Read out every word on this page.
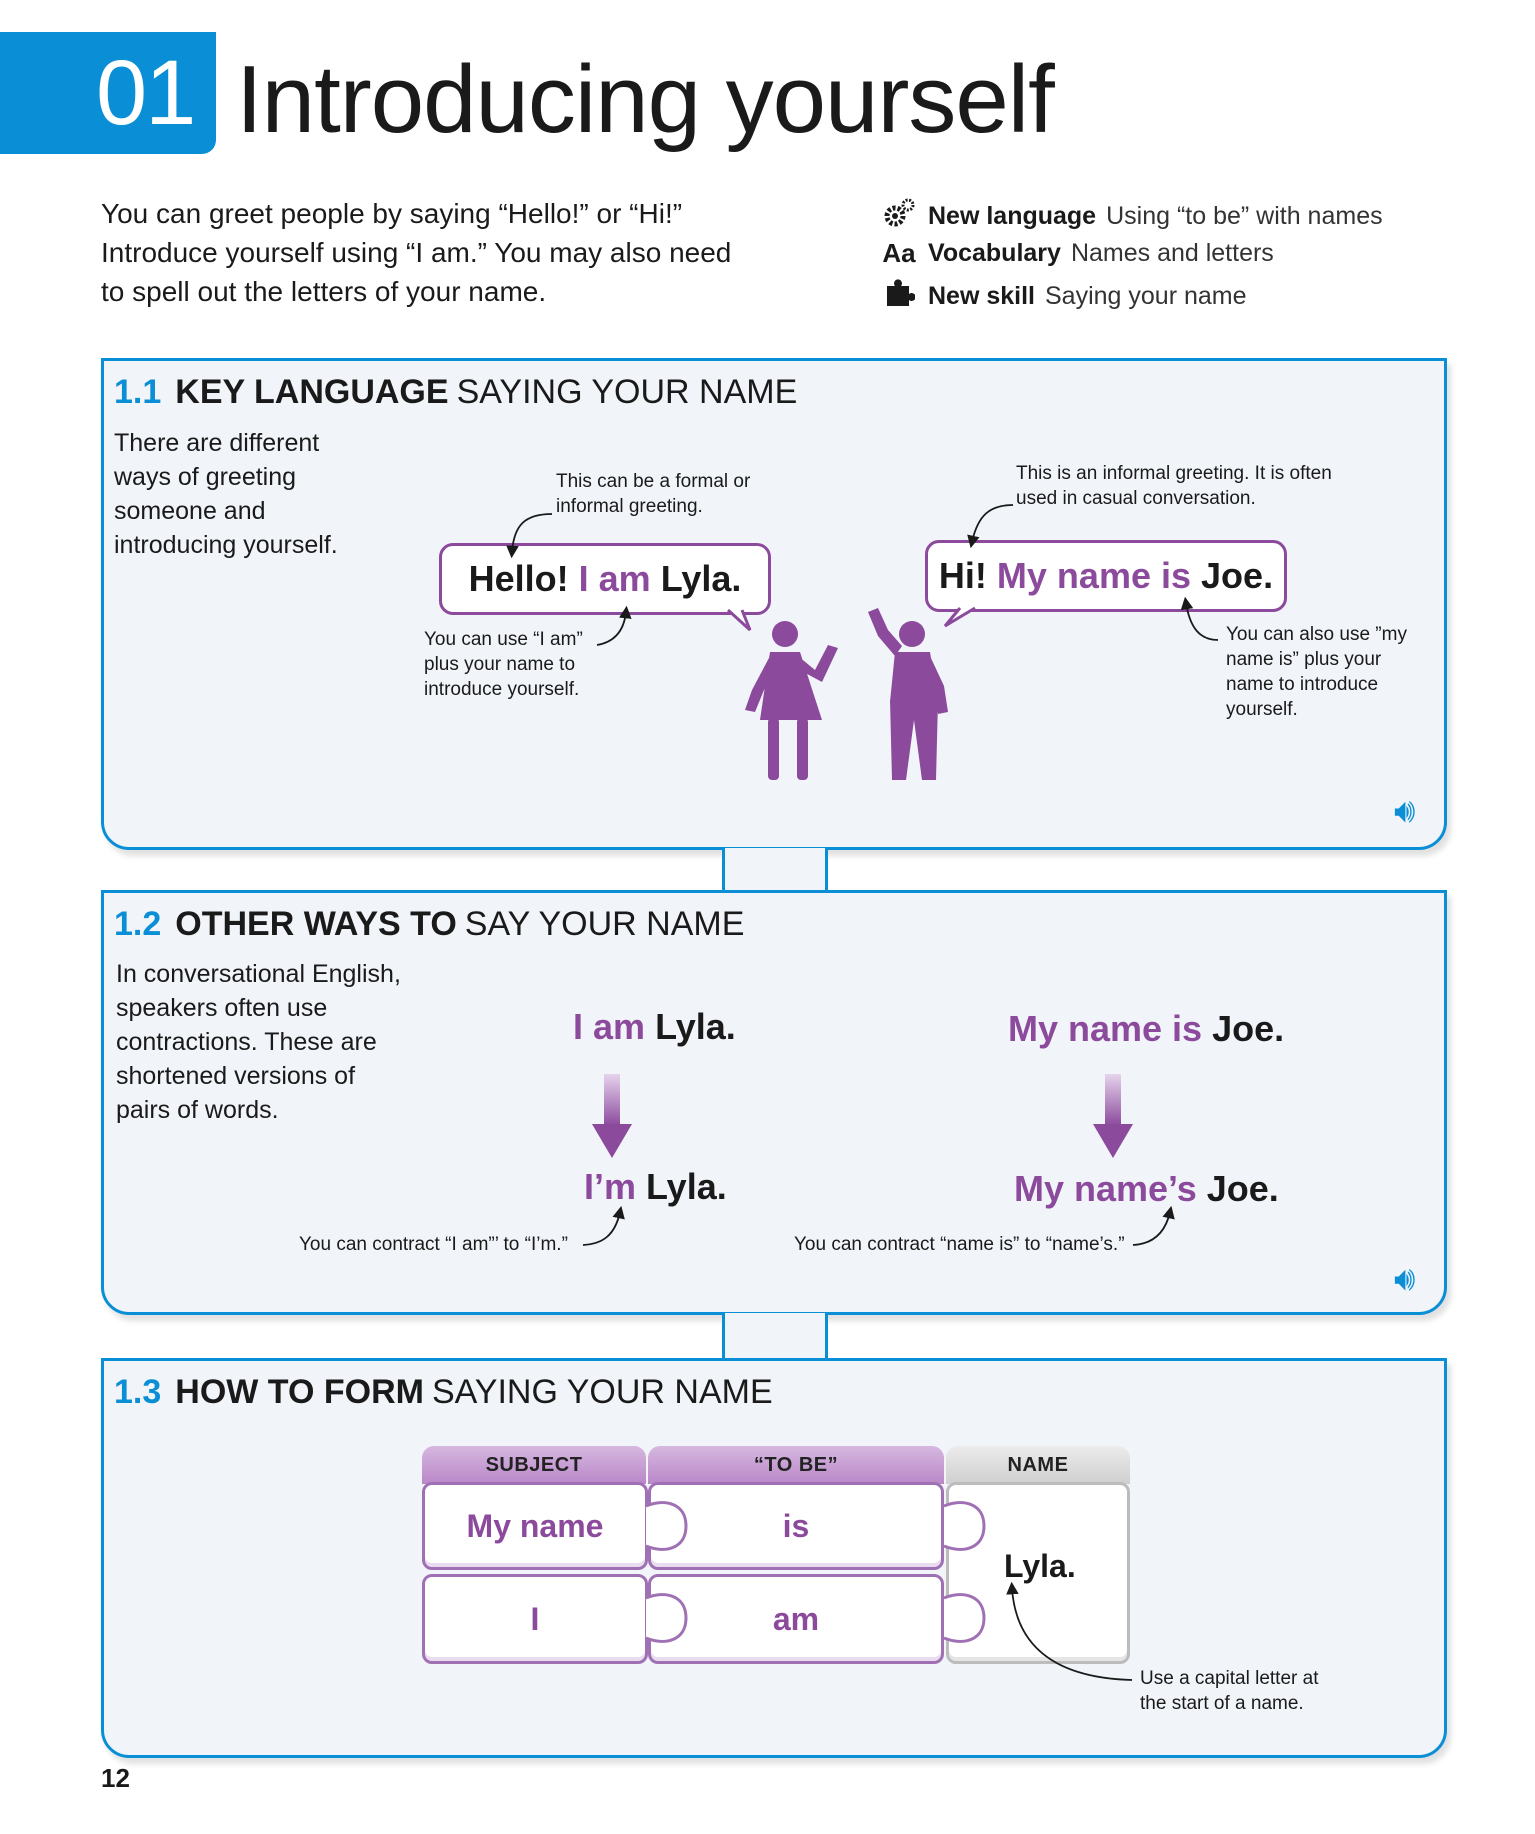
01 Introducing yourself
You can greet people by saying “Hello!” or “Hi!” Introduce yourself using “I am.” You may also need to spell out the letters of your name.
New language Using “to be” with names
Aa Vocabulary Names and letters
New skill Saying your name
1.1 KEY LANGUAGE SAYING YOUR NAME
There are different ways of greeting someone and introducing yourself.
This can be a formal or informal greeting.
Hello!
I am
Lyla.
You can use “I am” plus your name to introduce yourself.
This is an informal greeting. It is often used in casual conversation.
Hi!
My name is
Joe.
You can also use ”my name is” plus your name to introduce yourself.
🔊︎
1.2 OTHER WAYS TO SAY YOUR NAME
In conversational English, speakers often use contractions. These are shortened versions of pairs of words.
I am Lyla.
I’m Lyla.
You can contract “I am”’ to “I’m.”
My name is Joe.
My name’s Joe.
You can contract “name is” to “name’s.”
🔊︎
1.3 HOW TO FORM SAYING YOUR NAME
SUBJECT	“TO BE”	NAME
My name	is
I	am
Lyla.
Use a capital letter at the start of a name.
12
